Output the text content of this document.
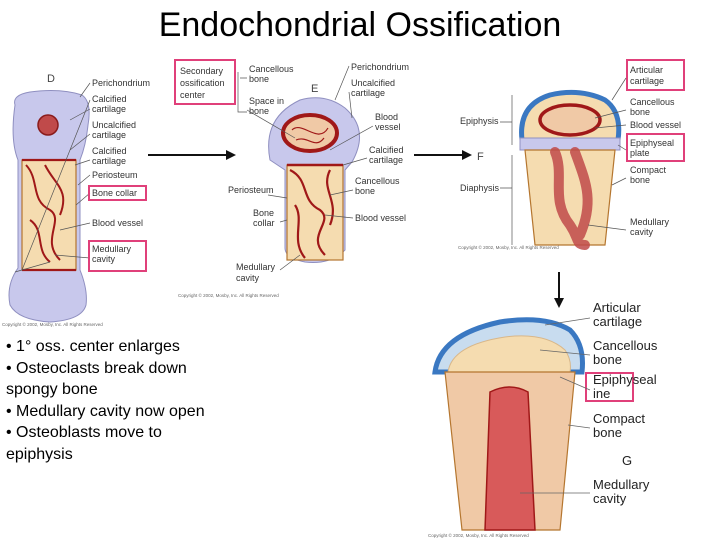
Endochondrial Ossification
D	Perichondrium
Calcified
cartilage
Uncalcified
cartilage
Calcified
cartilage
Periosteum
Bone collar
Blood vessel
Medullary
cavity
Copyright © 2002, Mosby, Inc. All Rights Reserved
E
Secondary
ossification
center
Cancellous
bone
Space in
bone
Perichondrium
Uncalcified
cartilage
Blood
vessel
Calcified
cartilage
Cancellous
bone
Periosteum
Bone
collar	Blood vessel
Medullary
cavity
Copyright © 2002, Mosby, Inc. All Rights Reserved
F
Articular
cartilage
Cancellous
bone
Blood vessel
Epiphyseal
plate
Compact
bone
Medullary
cavity
Epiphysis
Diaphysis
Copyright © 2002, Mosby, Inc. All Rights Reserved
G
Articular
cartilage
Cancellous
bone
Epiphyseal
ine
Compact
bone
Medullary
cavity
Copyright © 2002, Mosby, Inc. All Rights Reserved
• 1° oss. center enlarges
• Osteoclasts break down spongy bone
• Medullary cavity now open
• Osteoblasts move to epiphysis
